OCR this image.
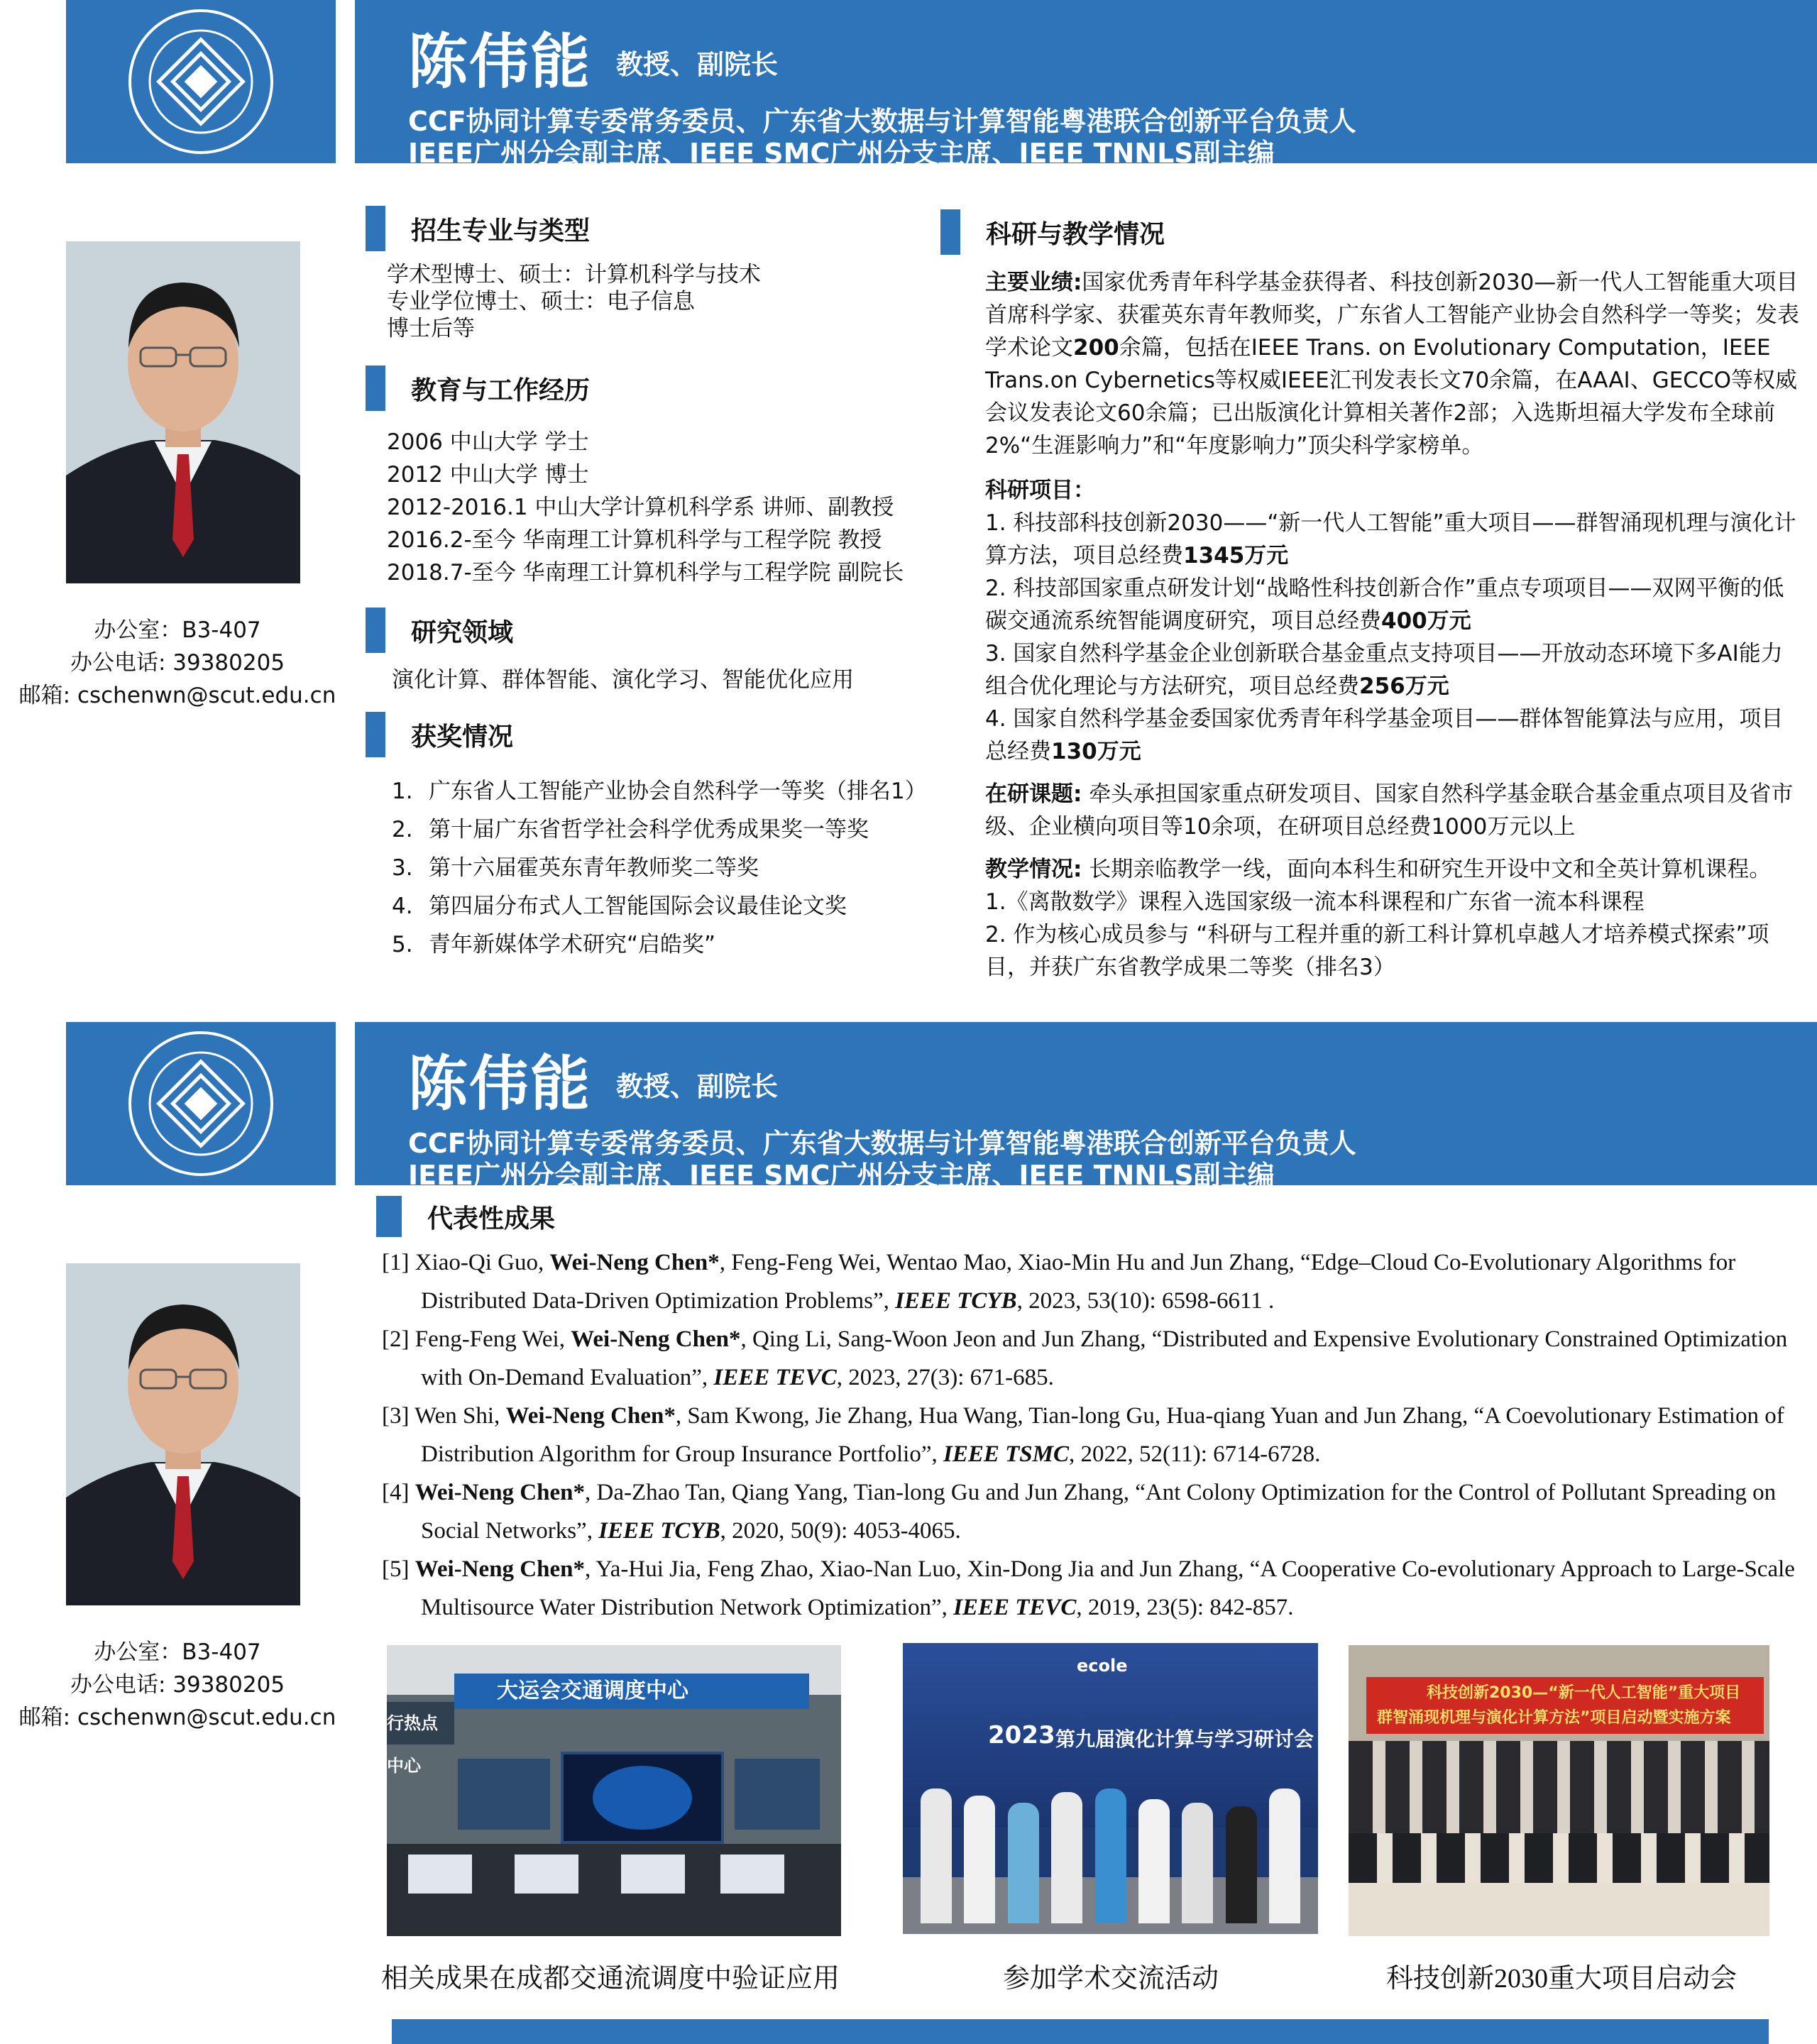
陈伟能 教授、副院长
CCF协同计算专委常务委员、广东省大数据与计算智能粤港联合创新平台负责人
IEEE广州分会副主席、IEEE SMC广州分支主席、IEEE TNNLS副主编
办公室：B3-407
办公电话: 39380205
邮箱: cschenwn@scut.edu.cn
招生专业与类型
学术型博士、硕士：计算机科学与技术
专业学位博士、硕士：电子信息
博士后等
教育与工作经历
2006 中山大学 学士
2012 中山大学 博士
2012-2016.1 中山大学计算机科学系 讲师、副教授
2016.2-至今 华南理工计算机科学与工程学院 教授
2018.7-至今 华南理工计算机科学与工程学院 副院长
研究领域
演化计算、群体智能、演化学习、智能优化应用
获奖情况
1. 广东省人工智能产业协会自然科学一等奖（排名1）
2. 第十届广东省哲学社会科学优秀成果奖一等奖
3. 第十六届霍英东青年教师奖二等奖
4. 第四届分布式人工智能国际会议最佳论文奖
5. 青年新媒体学术研究“启皓奖”
科研与教学情况
主要业绩:国家优秀青年科学基金获得者、科技创新2030—新一代人工智能重大项目首席科学家、获霍英东青年教师奖，广东省人工智能产业协会自然科学一等奖；发表学术论文200余篇，包括在IEEE Trans. on Evolutionary Computation，IEEE Trans.on Cybernetics等权威IEEE汇刊发表长文70余篇，在AAAI、GECCO等权威会议发表论文60余篇；已出版演化计算相关著作2部；入选斯坦福大学发布全球前2%“生涯影响力”和“年度影响力”顶尖科学家榜单。
科研项目：
1. 科技部科技创新2030——“新一代人工智能”重大项目——群智涌现机理与演化计算方法，项目总经费1345万元
2. 科技部国家重点研发计划“战略性科技创新合作”重点专项项目——双网平衡的低碳交通流系统智能调度研究，项目总经费400万元
3. 国家自然科学基金企业创新联合基金重点支持项目——开放动态环境下多AI能力组合优化理论与方法研究，项目总经费256万元
4. 国家自然科学基金委国家优秀青年科学基金项目——群体智能算法与应用，项目总经费130万元
在研课题: 牵头承担国家重点研发项目、国家自然科学基金联合基金重点项目及省市级、企业横向项目等10余项，在研项目总经费1000万元以上
教学情况: 长期亲临教学一线，面向本科生和研究生开设中文和全英计算机课程。
1.《离散数学》课程入选国家级一流本科课程和广东省一流本科课程
2. 作为核心成员参与 “科研与工程并重的新工科计算机卓越人才培养模式探索”项目，并获广东省教学成果二等奖（排名3）
陈伟能 教授、副院长
CCF协同计算专委常务委员、广东省大数据与计算智能粤港联合创新平台负责人
IEEE广州分会副主席、IEEE SMC广州分支主席、IEEE TNNLS副主编
办公室：B3-407
办公电话: 39380205
邮箱: cschenwn@scut.edu.cn
代表性成果
[1] Xiao-Qi Guo, Wei-Neng Chen*, Feng-Feng Wei, Wentao Mao, Xiao-Min Hu and Jun Zhang, “Edge–Cloud Co-Evolutionary Algorithms for Distributed Data-Driven Optimization Problems”, IEEE TCYB, 2023, 53(10): 6598-6611 .
[2] Feng-Feng Wei, Wei-Neng Chen*, Qing Li, Sang-Woon Jeon and Jun Zhang, “Distributed and Expensive Evolutionary Constrained Optimization with On-Demand Evaluation”, IEEE TEVC, 2023, 27(3): 671-685.
[3] Wen Shi, Wei-Neng Chen*, Sam Kwong, Jie Zhang, Hua Wang, Tian-long Gu, Hua-qiang Yuan and Jun Zhang, “A Coevolutionary Estimation of Distribution Algorithm for Group Insurance Portfolio”, IEEE TSMC, 2022, 52(11): 6714-6728.
[4] Wei-Neng Chen*, Da-Zhao Tan, Qiang Yang, Tian-long Gu and Jun Zhang, “Ant Colony Optimization for the Control of Pollutant Spreading on Social Networks”, IEEE TCYB, 2020, 50(9): 4053-4065.
[5] Wei-Neng Chen*, Ya-Hui Jia, Feng Zhao, Xiao-Nan Luo, Xin-Dong Jia and Jun Zhang, “A Cooperative Co-evolutionary Approach to Large-Scale Multisource Water Distribution Network Optimization”, IEEE TEVC, 2019, 23(5): 842-857.
大运会交通调度中心
行热点中心
ecole
2023 第九届演化计算与学习研讨会
科技创新2030—“新一代人工智能”重大项目
群智涌现机理与演化计算方法”项目启动暨实施方案
相关成果在成都交通流调度中验证应用	参加学术交流活动	科技创新2030重大项目启动会
